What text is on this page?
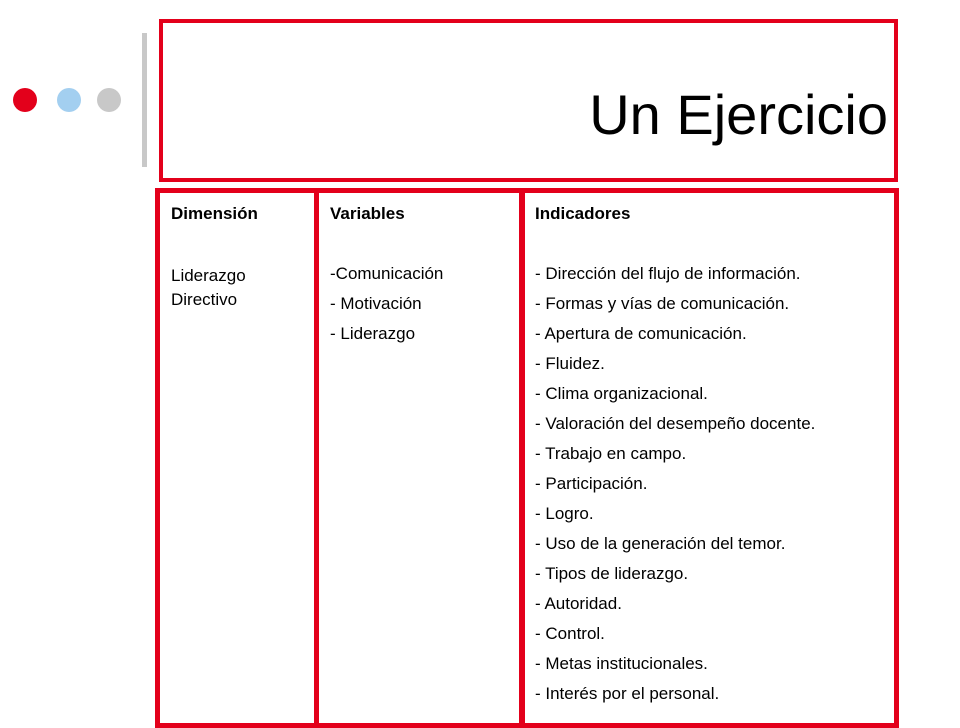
Un Ejercicio
Dimensión
Liderazgo
Directivo
Variables
-Comunicación
- Motivación
- Liderazgo
Indicadores
- Dirección del flujo de información.
- Formas y vías de comunicación.
- Apertura de comunicación.
- Fluidez.
- Clima organizacional.
- Valoración del desempeño docente.
- Trabajo en campo.
- Participación.
- Logro.
- Uso de la generación del temor.
- Tipos de liderazgo.
- Autoridad.
- Control.
- Metas institucionales.
- Interés por el personal.
